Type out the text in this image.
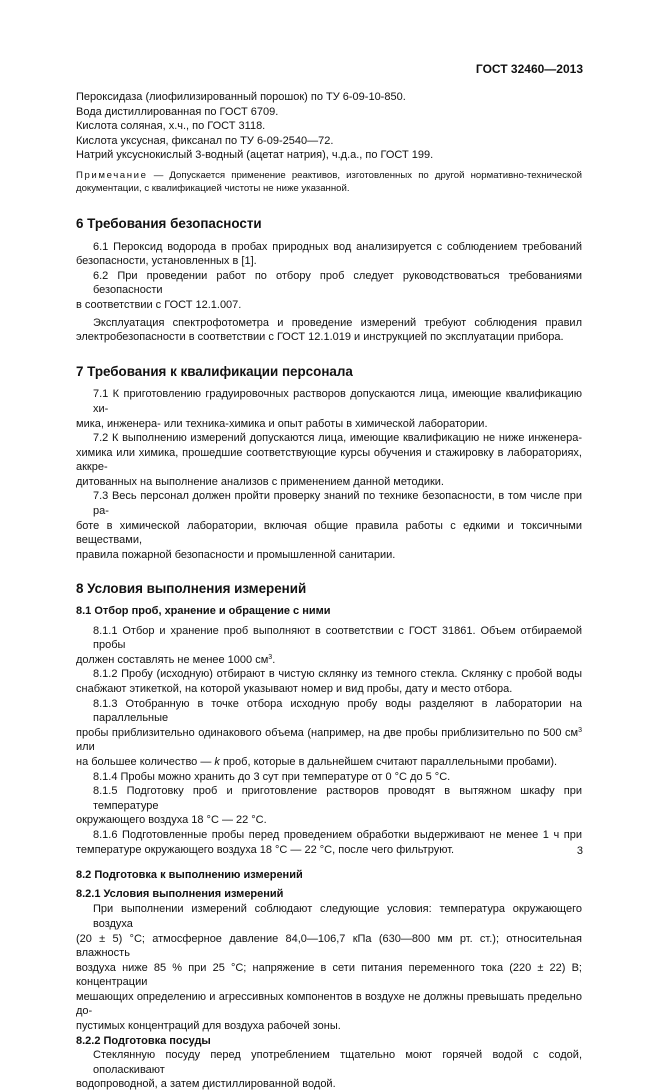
ГОСТ 32460—2013

Пероксидаза (лиофилизированный порошок) по ТУ 6-09-10-850.

Вода дистиллированная по ГОСТ 6709.

Кислота соляная, х.ч., по ГОСТ 3118.

Кислота уксусная, фиксанал по ТУ 6-09-2540—72.

Натрий уксуснокислый 3-водный (ацетат натрия), ч.д.а., по ГОСТ 199.

Примечание — Допускается применение реактивов, изготовленных по другой нормативно-технической

документации, с квалификацией чистоты не ниже указанной.

6 Требования безопасности

6.1 Пероксид водорода в пробах природных вод анализируется с соблюдением требований

безопасности, установленных в [1].

6.2 При проведении работ по отбору проб следует руководствоваться требованиями безопасности

в соответствии с ГОСТ 12.1.007.

Эксплуатация спектрофотометра и проведение измерений требуют соблюдения правил

электробезопасности в соответствии с ГОСТ 12.1.019 и инструкцией по эксплуатации прибора.

7 Требования к квалификации персонала

7.1 К приготовлению градуировочных растворов допускаются лица, имеющие квалификацию хи-

мика, инженера- или техника-химика и опыт работы в химической лаборатории.

7.2 К выполнению измерений допускаются лица, имеющие квалификацию не ниже инженера-

химика или химика, прошедшие соответствующие курсы обучения и стажировку в лабораториях, аккре-

дитованных на выполнение анализов с применением данной методики.

7.3 Весь персонал должен пройти проверку знаний по технике безопасности, в том числе при ра-

боте в химической лаборатории, включая общие правила работы с едкими и токсичными веществами,

правила пожарной безопасности и промышленной санитарии.

8 Условия выполнения измерений
8.1 Отбор проб, хранение и обращение с ними

8.1.1 Отбор и хранение проб выполняют в соответствии с ГОСТ 31861. Объем отбираемой пробы

должен составлять не менее 1000 $см^3$.

8.1.2 Пробу (исходную) отбирают в чистую склянку из темного стекла. Склянку с пробой воды

снабжают этикеткой, на которой указывают номер и вид пробы, дату и место отбора.

8.1.3 Отобранную в точке отбора исходную пробу воды разделяют в лаборатории на параллельные

пробы приблизительно одинакового объема (например, на две пробы приблизительно по 500 $см^3$ или

на большее количество — k проб, которые в дальнейшем считают параллельными пробами).

8.1.4 Пробы можно хранить до 3 сут при температуре от 0 °С до 5 °С.

8.1.5 Подготовку проб и приготовление растворов проводят в вытяжном шкафу при температуре

окружающего воздуха 18 °С — 22 °С.

8.1.6 Подготовленные пробы перед проведением обработки выдерживают не менее 1 ч при

температуре окружающего воздуха 18 °С — 22 °С, после чего фильтруют.

8.2 Подготовка к выполнению измерений
8.2.1 Условия выполнения измерений

При выполнении измерений соблюдают следующие условия: температура окружающего воздуха

(20 ± 5) °С; атмосферное давление 84,0—106,7 кПа (630—800 мм рт. ст.); относительная влажность

воздуха ниже 85 % при 25 °С; напряжение в сети питания переменного тока (220 ± 22) В; концентрации

мешающих определению и агрессивных компонентов в воздухе не должны превышать предельно до-

пустимых концентраций для воздуха рабочей зоны.

8.2.2 Подготовка посуды

Стеклянную посуду перед употреблением тщательно моют горячей водой с содой, ополаскивают

водопроводной, а затем дистиллированной водой.

3
